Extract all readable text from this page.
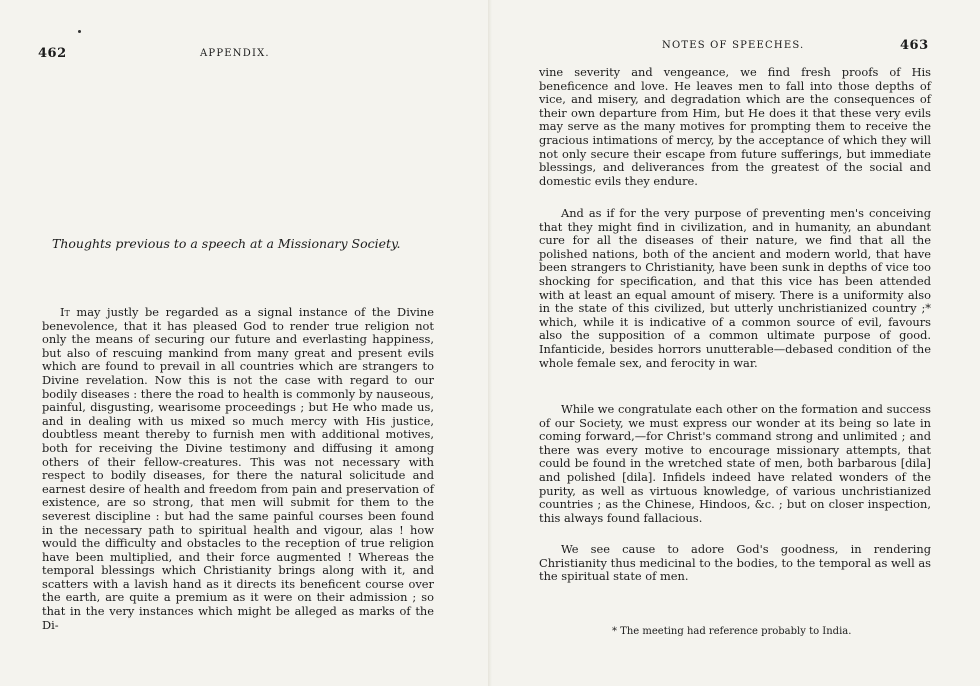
462	APPENDIX.
Thoughts previous to a speech at a Missionary Society.

It may justly be regarded as a signal instance of the Divine benevolence, that it has pleased God to render true religion not only the means of securing our future and everlasting happiness, but also of rescuing mankind from many great and present evils which are found to prevail in all countries which are strangers to Divine revelation. Now this is not the case with regard to our bodily diseases : there the road to health is commonly by nauseous, painful, disgusting, wearisome proceedings ; but He who made us, and in dealing with us mixed so much mercy with His justice, doubtless meant thereby to furnish men with additional motives, both for receiving the Divine testimony and diffusing it among others of their fellow-creatures. This was not necessary with respect to bodily diseases, for there the natural solicitude and earnest desire of health and freedom from pain and preservation of existence, are so strong, that men will submit for them to the severest discipline : but had the same painful courses been found in the necessary path to spiritual health and vigour, alas ! how would the difficulty and obstacles to the reception of true religion have been multiplied, and their force augmented ! Whereas the temporal blessings which Christianity brings along with it, and scatters with a lavish hand as it directs its beneficent course over the earth, are quite a premium as it were on their admission ; so that in the very instances which might be alleged as marks of the Di-

NOTES OF SPEECHES.	463

vine severity and vengeance, we find fresh proofs of His beneficence and love. He leaves men to fall into those depths of vice, and misery, and degradation which are the consequences of their own departure from Him, but He does it that these very evils may serve as the many motives for prompting them to receive the gracious intimations of mercy, by the acceptance of which they will not only secure their escape from future sufferings, but immediate blessings, and deliverances from the greatest of the social and domestic evils they endure.

And as if for the very purpose of preventing men's conceiving that they might find in civilization, and in humanity, an abundant cure for all the diseases of their nature, we find that all the polished nations, both of the ancient and modern world, that have been strangers to Christianity, have been sunk in depths of vice too shocking for specification, and that this vice has been attended with at least an equal amount of misery. There is a uniformity also in the state of this civilized, but utterly unchristianized country ;* which, while it is indicative of a common source of evil, favours also the supposition of a common ultimate purpose of good. Infanticide, besides horrors unutterable—debased condition of the whole female sex, and ferocity in war.

While we congratulate each other on the formation and success of our Society, we must express our wonder at its being so late in coming forward,—for Christ's command strong and unlimited ; and there was every motive to encourage missionary attempts, that could be found in the wretched state of men, both barbarous [dila] and polished [dila]. Infidels indeed have related wonders of the purity, as well as virtuous knowledge, of various unchristianized countries ; as the Chinese, Hindoos, &c. ; but on closer inspection, this always found fallacious.

We see cause to adore God's goodness, in rendering Christianity thus medicinal to the bodies, to the temporal as well as the spiritual state of men.

* The meeting had reference probably to India.
